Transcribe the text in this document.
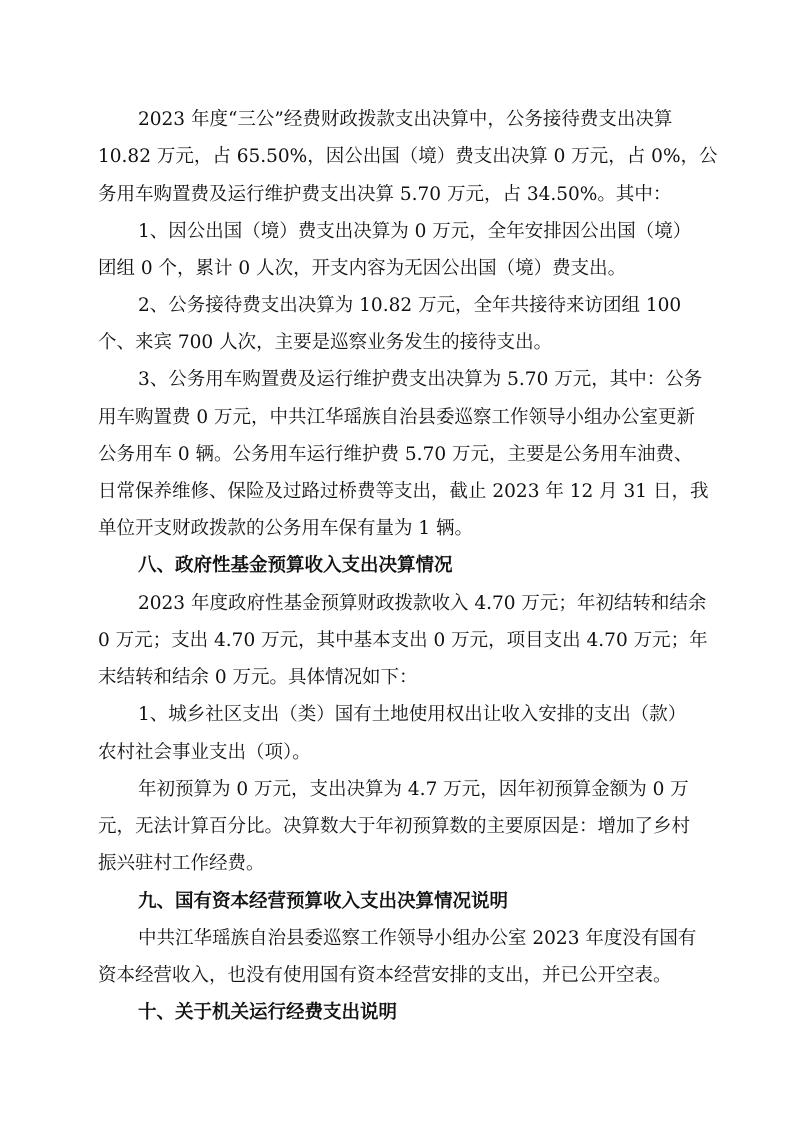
2023 年度“三公”经费财政拨款支出决算中，公务接待费支出决算
10.82 万元，占 65.50%，因公出国（境）费支出决算 0 万元，占 0%，公
务用车购置费及运行维护费支出决算 5.70 万元，占 34.50%。其中：
1、因公出国（境）费支出决算为 0 万元，全年安排因公出国（境）
团组 0 个，累计 0 人次，开支内容为无因公出国（境）费支出。
2、公务接待费支出决算为 10.82 万元，全年共接待来访团组 100
个、来宾 700 人次，主要是巡察业务发生的接待支出。
3、公务用车购置费及运行维护费支出决算为 5.70 万元，其中：公务
用车购置费 0 万元，中共江华瑶族自治县委巡察工作领导小组办公室更新
公务用车 0 辆。公务用车运行维护费 5.70 万元，主要是公务用车油费、
日常保养维修、保险及过路过桥费等支出，截止 2023 年 12 月 31 日，我
单位开支财政拨款的公务用车保有量为 1 辆。
八、政府性基金预算收入支出决算情况
2023 年度政府性基金预算财政拨款收入 4.70 万元；年初结转和结余
0 万元；支出 4.70 万元，其中基本支出 0 万元，项目支出 4.70 万元；年
末结转和结余 0 万元。具体情况如下：
1、城乡社区支出（类）国有土地使用权出让收入安排的支出（款）
农村社会事业支出（项）。
年初预算为 0 万元，支出决算为 4.7 万元，因年初预算金额为 0 万
元，无法计算百分比。决算数大于年初预算数的主要原因是：增加了乡村
振兴驻村工作经费。
九、国有资本经营预算收入支出决算情况说明
中共江华瑶族自治县委巡察工作领导小组办公室 2023 年度没有国有
资本经营收入，也没有使用国有资本经营安排的支出，并已公开空表。
十、关于机关运行经费支出说明
